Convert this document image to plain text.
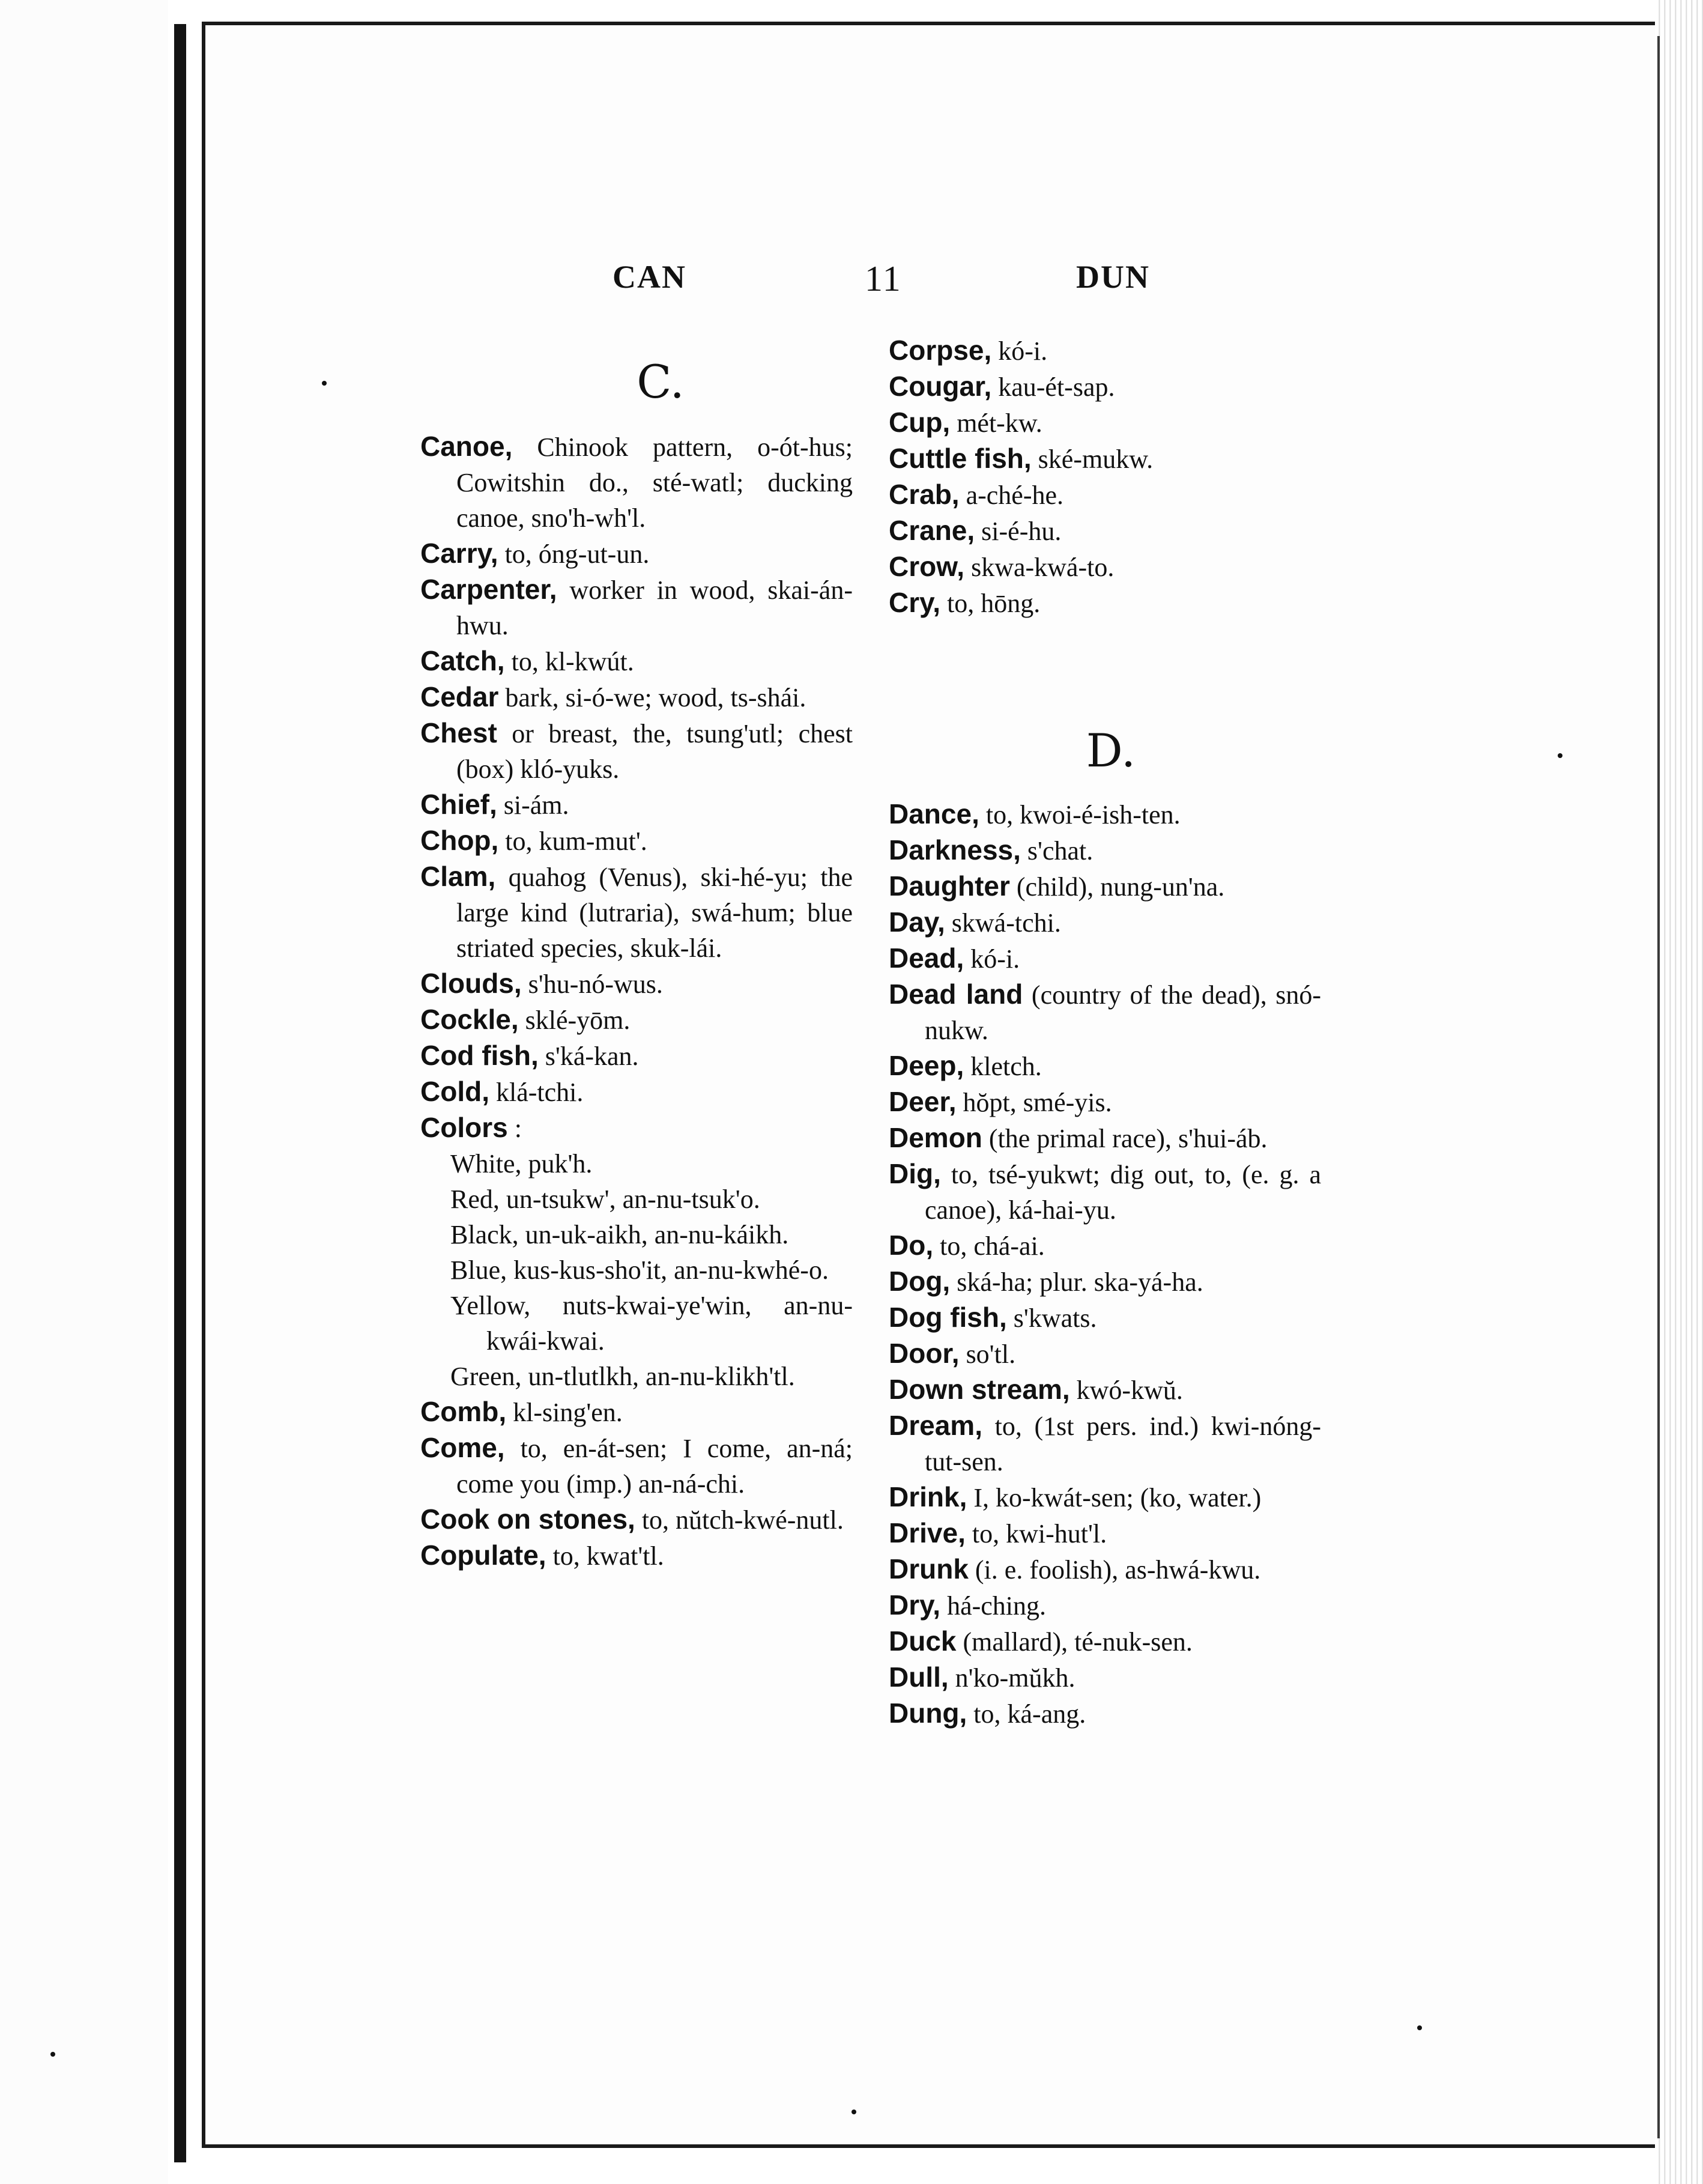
CAN	11	DUN
C.
D.

Canoe, Chinook pattern, o-ót-hus; Cowitshin do., sté-watl; ducking canoe, sno'h-wh'l.

Carry, to, óng-ut-un.

Carpenter, worker in wood, skai-án-hwu.

Catch, to, kl-kwút.

Cedar bark, si-ó-we; wood, ts-shái.

Chest or breast, the, tsung'utl; chest (box) kló-yuks.

Chief, si-ám.

Chop, to, kum-mut'.

Clam, quahog (Venus), ski-hé-yu; the large kind (lutraria), swá-hum; blue striated species, skuk-lái.

Clouds, s'hu-nó-wus.

Cockle, sklé-yōm.

Cod fish, s'ká-kan.

Cold, klá-tchi.

Colors :

White, puk'h.

Red, un-tsukw', an-nu-tsuk'o.

Black, un-uk-aikh, an-nu-káikh.

Blue, kus-kus-sho'it, an-nu-kwhé-o.

Yellow, nuts-kwai-ye'win, an-nu-kwái-kwai.

Green, un-tlutlkh, an-nu-klikh'tl.

Comb, kl-sing'en.

Come, to, en-át-sen; I come, an-ná; come you (imp.) an-ná-chi.

Cook on stones, to, nŭtch-kwé-nutl.

Copulate, to, kwat'tl.

Corpse, kó-i.

Cougar, kau-ét-sap.

Cup, mét-kw.

Cuttle fish, ské-mukw.

Crab, a-ché-he.

Crane, si-é-hu.

Crow, skwa-kwá-to.

Cry, to, hōng.

Dance, to, kwoi-é-ish-ten.

Darkness, s'chat.

Daughter (child), nung-un'na.

Day, skwá-tchi.

Dead, kó-i.

Dead land (country of the dead), snó-nukw.

Deep, kletch.

Deer, hŏpt, smé-yis.

Demon (the primal race), s'hui-áb.

Dig, to, tsé-yukwt; dig out, to, (e. g. a canoe), ká-hai-yu.

Do, to, chá-ai.

Dog, ská-ha; plur. ska-yá-ha.

Dog fish, s'kwats.

Door, so'tl.

Down stream, kwó-kwŭ.

Dream, to, (1st pers. ind.) kwi-nóng-tut-sen.

Drink, I, ko-kwát-sen; (ko, water.)

Drive, to, kwi-hut'l.

Drunk (i. e. foolish), as-hwá-kwu.

Dry, há-ching.

Duck (mallard), té-nuk-sen.

Dull, n'ko-mŭkh.

Dung, to, ká-ang.
